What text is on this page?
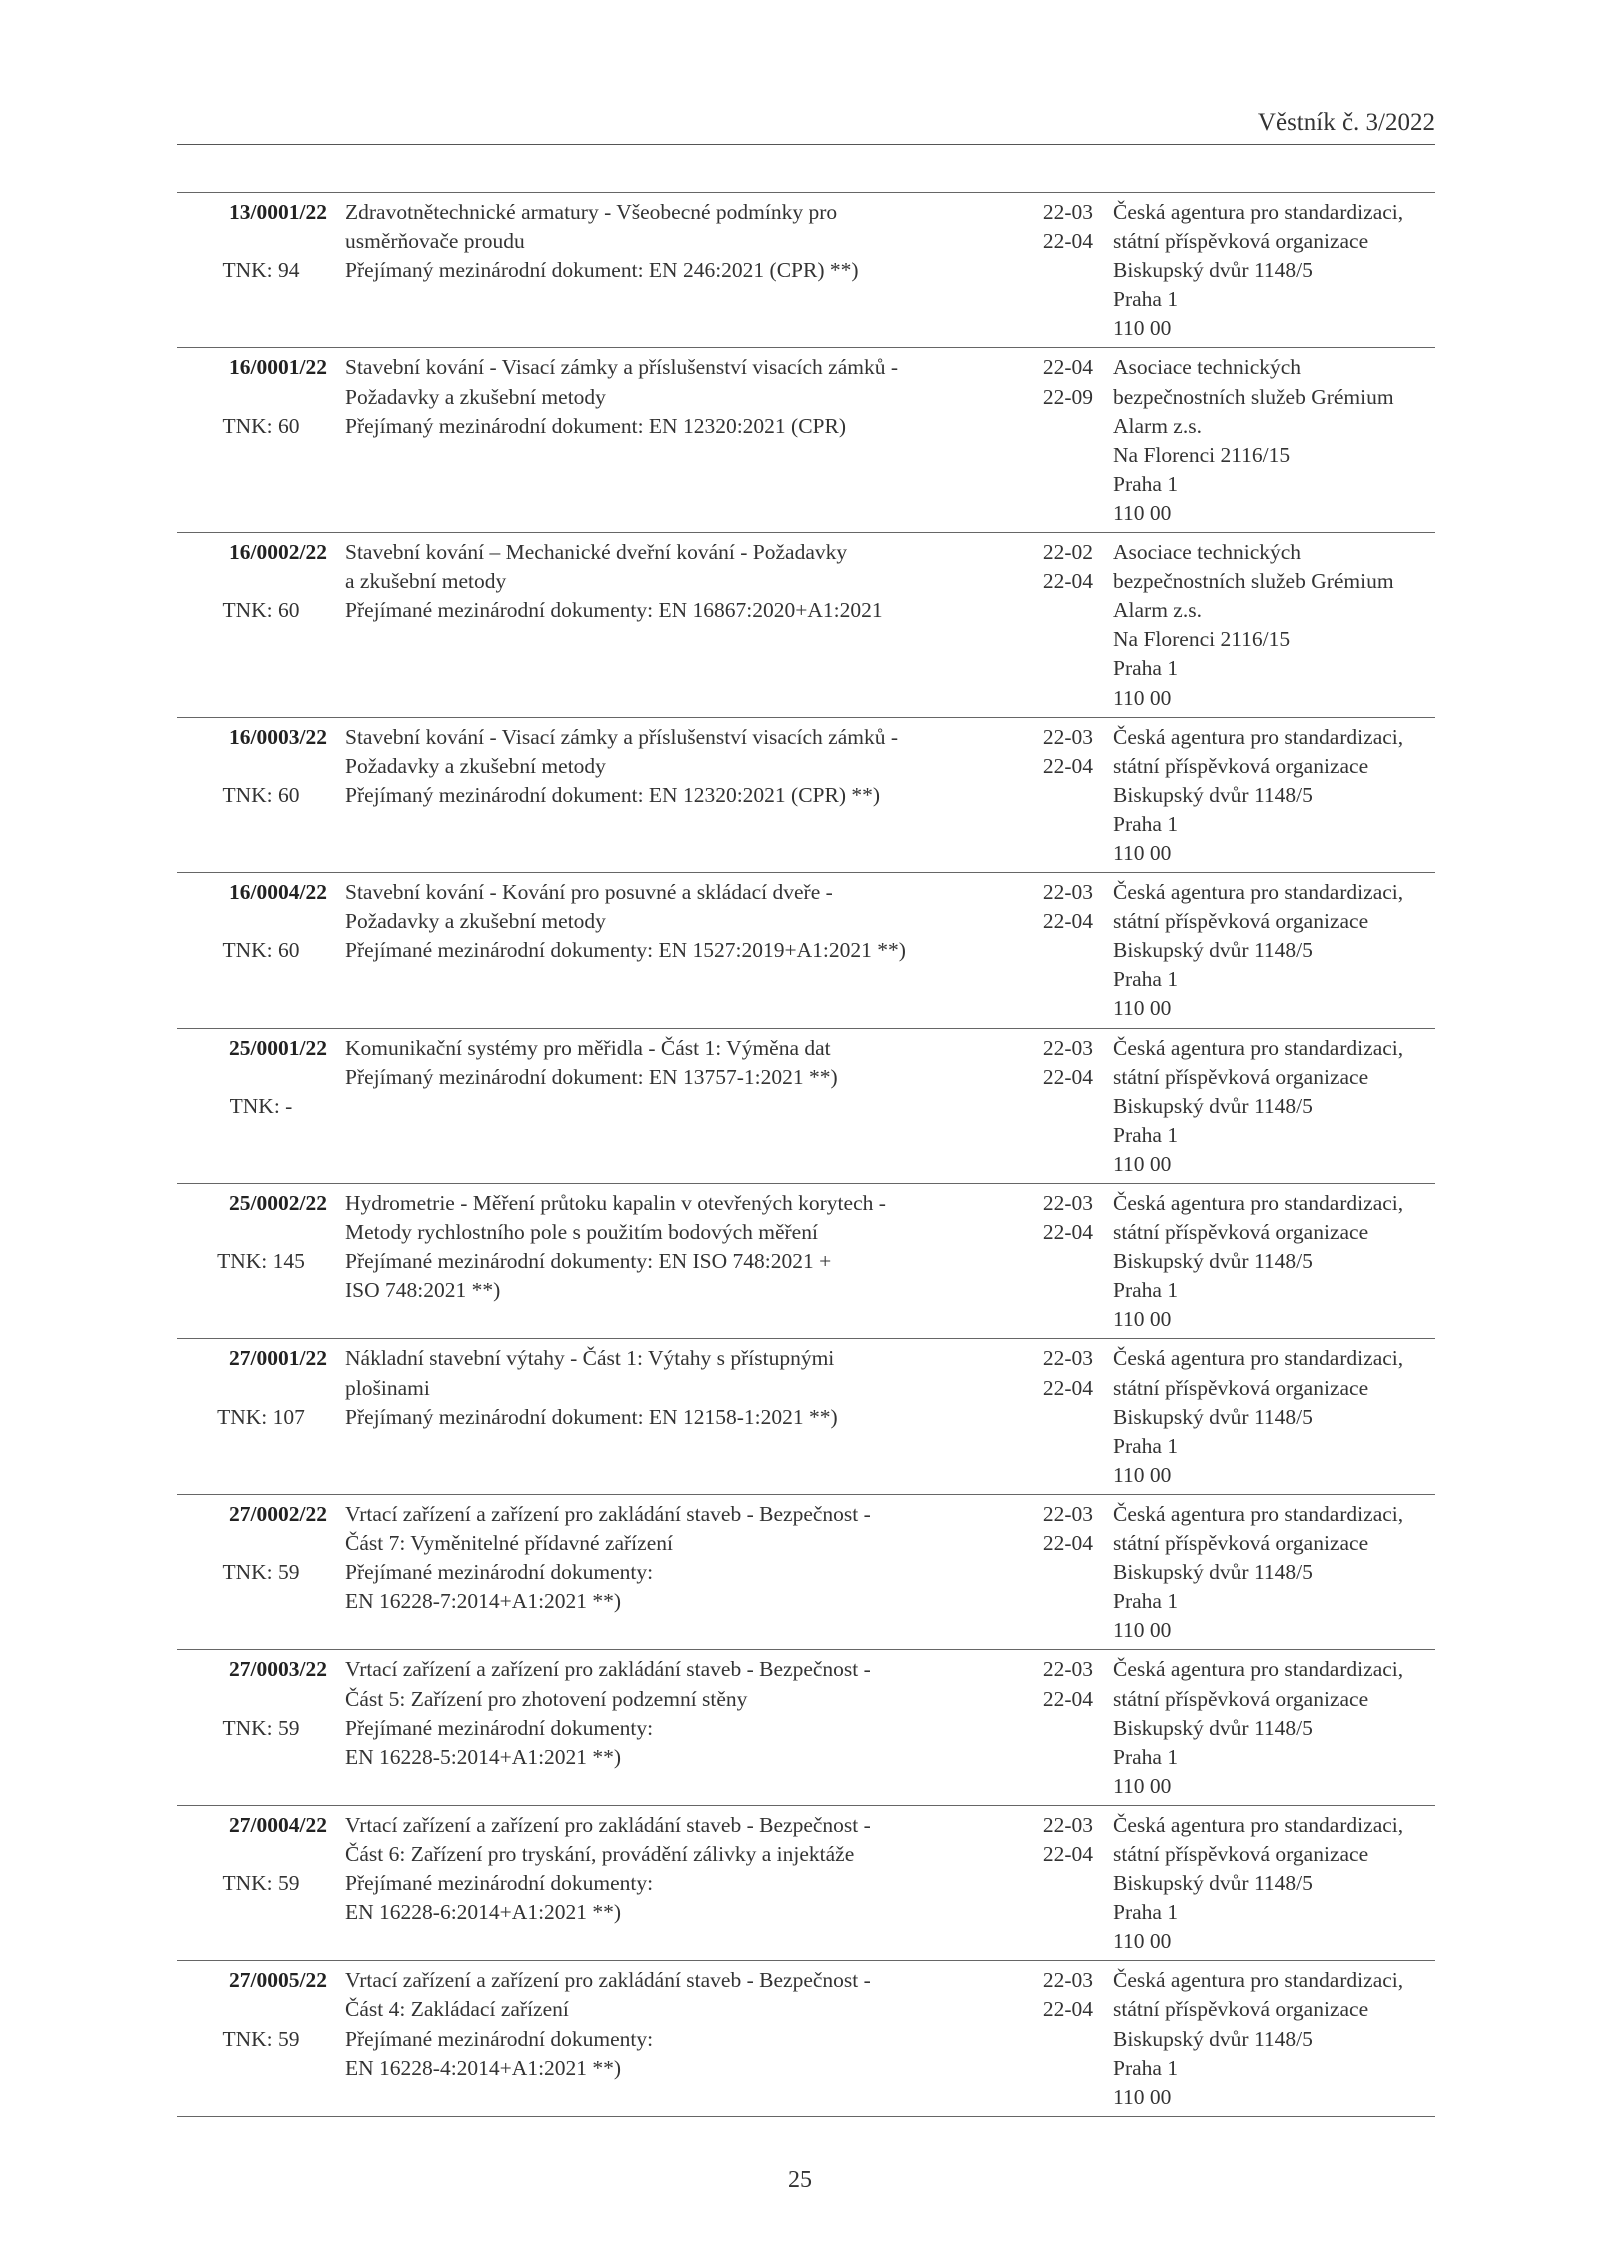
Věstník č. 3/2022
13/0001/22
TNK: 94
Zdravotnětechnické armatury - Všeobecné podmínky pro
usměrňovače proudu
Přejímaný mezinárodní dokument: EN 246:2021 (CPR) **)
22-03
22-04
Česká agentura pro standardizaci,
státní příspěvková organizace
Biskupský dvůr 1148/5
Praha 1
110 00
16/0001/22
TNK: 60
Stavební kování - Visací zámky a příslušenství visacích zámků -
Požadavky a zkušební metody
Přejímaný mezinárodní dokument: EN 12320:2021 (CPR)
22-04
22-09
Asociace technických
bezpečnostních služeb Grémium
Alarm z.s.
Na Florenci 2116/15
Praha 1
110 00
16/0002/22
TNK: 60
Stavební kování – Mechanické dveřní kování - Požadavky
a zkušební metody
Přejímané mezinárodní dokumenty: EN 16867:2020+A1:2021
22-02
22-04
Asociace technických
bezpečnostních služeb Grémium
Alarm z.s.
Na Florenci 2116/15
Praha 1
110 00
16/0003/22
TNK: 60
Stavební kování - Visací zámky a příslušenství visacích zámků -
Požadavky a zkušební metody
Přejímaný mezinárodní dokument: EN 12320:2021 (CPR) **)
22-03
22-04
Česká agentura pro standardizaci,
státní příspěvková organizace
Biskupský dvůr 1148/5
Praha 1
110 00
16/0004/22
TNK: 60
Stavební kování - Kování pro posuvné a skládací dveře -
Požadavky a zkušební metody
Přejímané mezinárodní dokumenty: EN 1527:2019+A1:2021 **)
22-03
22-04
Česká agentura pro standardizaci,
státní příspěvková organizace
Biskupský dvůr 1148/5
Praha 1
110 00
25/0001/22
TNK: -
Komunikační systémy pro měřidla - Část 1: Výměna dat
Přejímaný mezinárodní dokument: EN 13757-1:2021 **)
22-03
22-04
Česká agentura pro standardizaci,
státní příspěvková organizace
Biskupský dvůr 1148/5
Praha 1
110 00
25/0002/22
TNK: 145
Hydrometrie - Měření průtoku kapalin v otevřených korytech -
Metody rychlostního pole s použitím bodových měření
Přejímané mezinárodní dokumenty: EN ISO 748:2021 +
ISO 748:2021 **)
22-03
22-04
Česká agentura pro standardizaci,
státní příspěvková organizace
Biskupský dvůr 1148/5
Praha 1
110 00
27/0001/22
TNK: 107
Nákladní stavební výtahy - Část 1: Výtahy s přístupnými
plošinami
Přejímaný mezinárodní dokument: EN 12158-1:2021 **)
22-03
22-04
Česká agentura pro standardizaci,
státní příspěvková organizace
Biskupský dvůr 1148/5
Praha 1
110 00
27/0002/22
TNK: 59
Vrtací zařízení a zařízení pro zakládání staveb - Bezpečnost -
Část 7: Vyměnitelné přídavné zařízení
Přejímané mezinárodní dokumenty:
EN 16228-7:2014+A1:2021 **)
22-03
22-04
Česká agentura pro standardizaci,
státní příspěvková organizace
Biskupský dvůr 1148/5
Praha 1
110 00
27/0003/22
TNK: 59
Vrtací zařízení a zařízení pro zakládání staveb - Bezpečnost -
Část 5: Zařízení pro zhotovení podzemní stěny
Přejímané mezinárodní dokumenty:
EN 16228-5:2014+A1:2021 **)
22-03
22-04
Česká agentura pro standardizaci,
státní příspěvková organizace
Biskupský dvůr 1148/5
Praha 1
110 00
27/0004/22
TNK: 59
Vrtací zařízení a zařízení pro zakládání staveb - Bezpečnost -
Část 6: Zařízení pro tryskání, provádění zálivky a injektáže
Přejímané mezinárodní dokumenty:
EN 16228-6:2014+A1:2021 **)
22-03
22-04
Česká agentura pro standardizaci,
státní příspěvková organizace
Biskupský dvůr 1148/5
Praha 1
110 00
27/0005/22
TNK: 59
Vrtací zařízení a zařízení pro zakládání staveb - Bezpečnost -
Část 4: Zakládací zařízení
Přejímané mezinárodní dokumenty:
EN 16228-4:2014+A1:2021 **)
22-03
22-04
Česká agentura pro standardizaci,
státní příspěvková organizace
Biskupský dvůr 1148/5
Praha 1
110 00
25
